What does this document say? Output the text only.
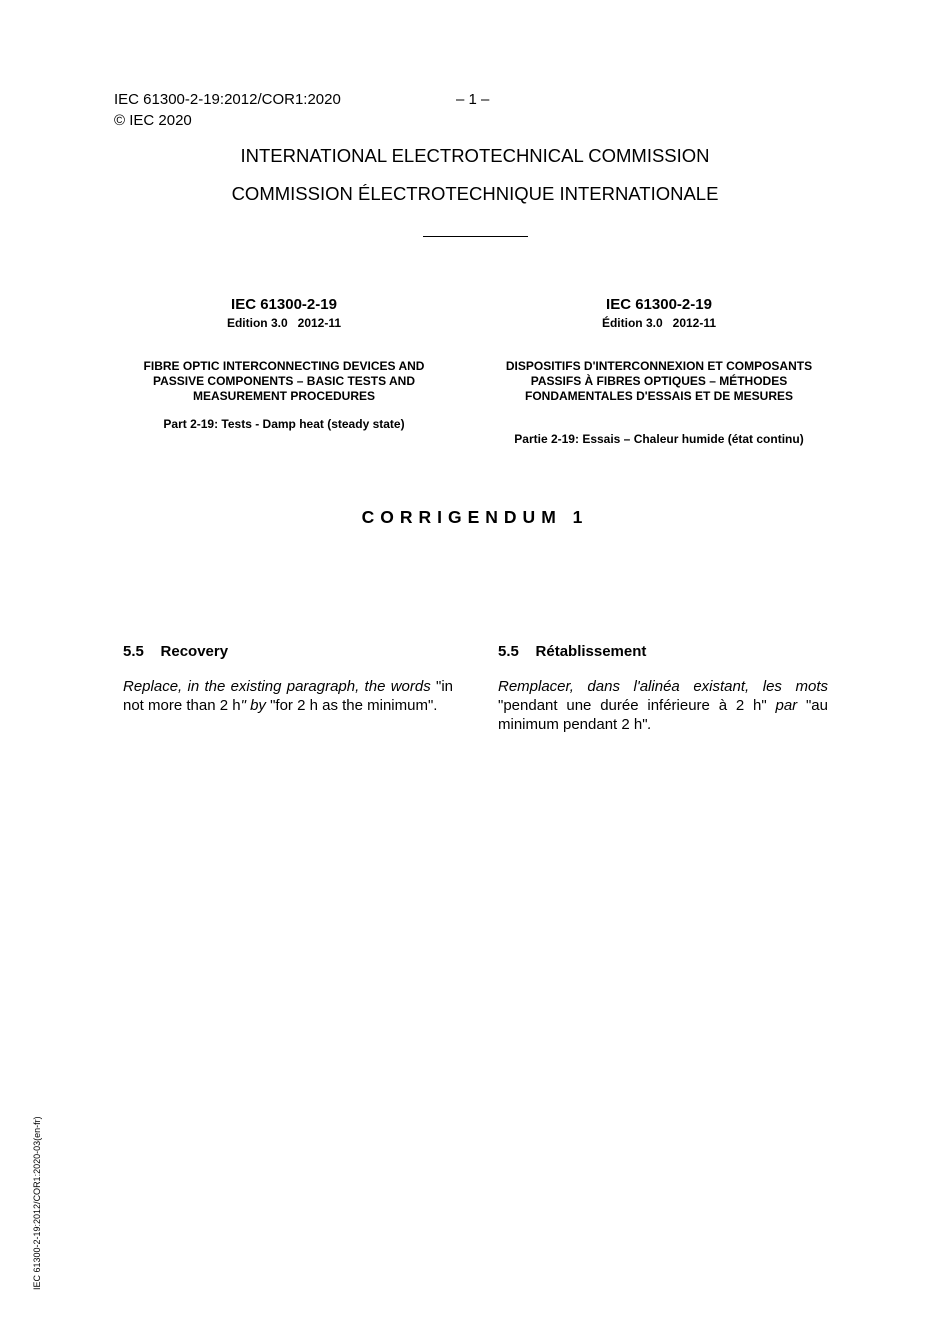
IEC 61300-2-19:2012/COR1:2020	– 1 –
© IEC 2020
INTERNATIONAL ELECTROTECHNICAL COMMISSION
COMMISSION ÉLECTROTECHNIQUE INTERNATIONALE
IEC 61300-2-19
Edition 3.0   2012-11
FIBRE OPTIC INTERCONNECTING DEVICES AND PASSIVE COMPONENTS – BASIC TESTS AND MEASUREMENT PROCEDURES
Part 2-19: Tests - Damp heat (steady state)
IEC 61300-2-19
Édition 3.0   2012-11
DISPOSITIFS D'INTERCONNEXION ET COMPOSANTS PASSIFS À FIBRES OPTIQUES – MÉTHODES FONDAMENTALES D'ESSAIS ET DE MESURES
Partie 2-19: Essais – Chaleur humide (état continu)
CORRIGENDUM 1
5.5    Recovery
Replace, in the existing paragraph, the words "in not more than 2 h" by "for 2 h as the minimum".
5.5    Rétablissement
Remplacer, dans l'alinéa existant, les mots "pendant une durée inférieure à 2 h" par "au minimum pendant 2 h".
IEC 61300-2-19:2012/COR1:2020-03(en-fr)
